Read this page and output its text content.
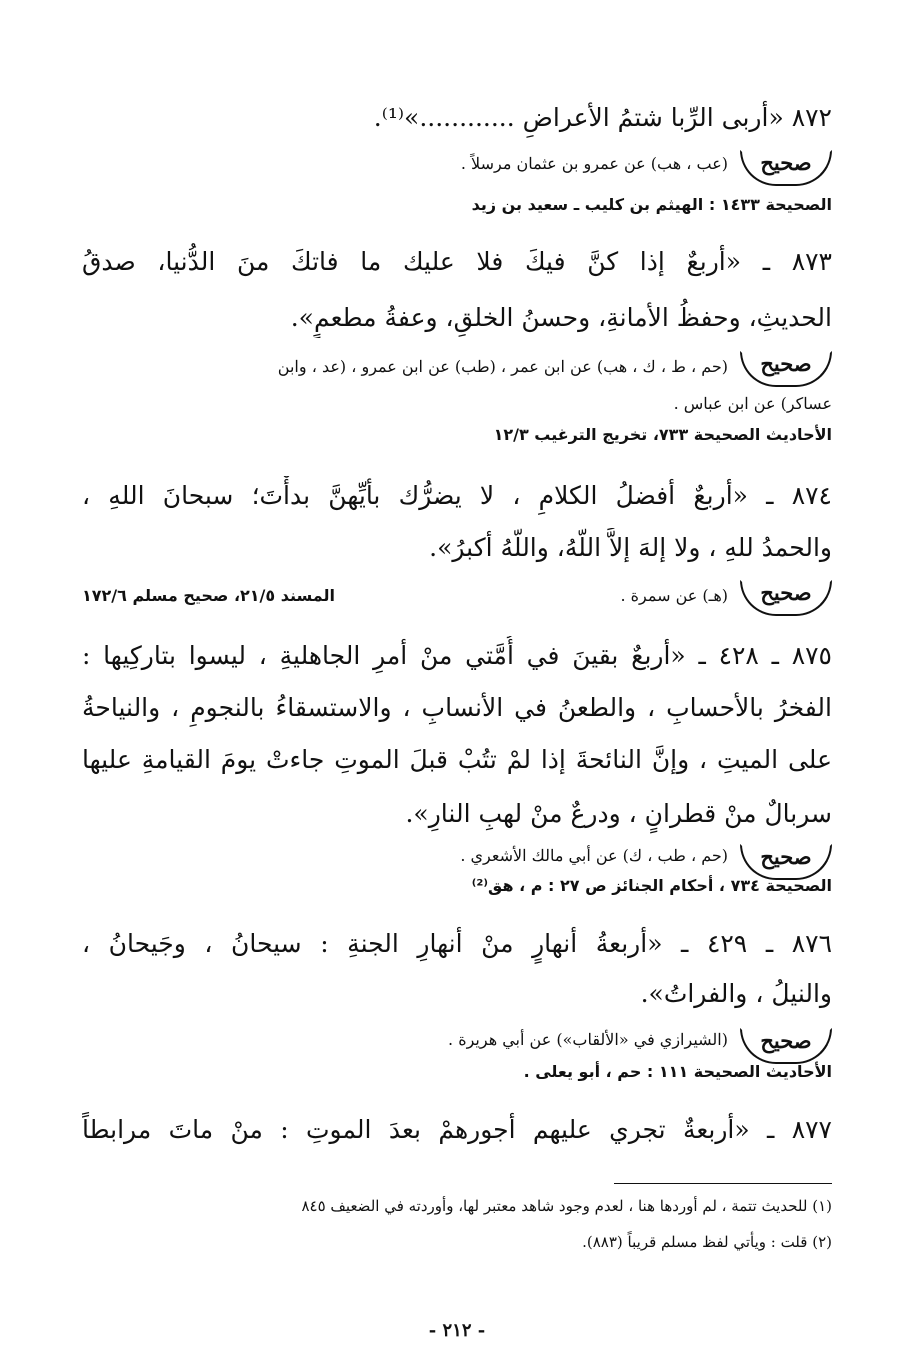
٨٧٢ «أربى الرِّبا شتمُ الأعراضِ ............»⁽¹⁾.
صحيح
(عب ، هب) عن عمرو بن عثمان مرسلاً .
الصحيحة ١٤٣٣ : الهيثم بن كليب ـ سعيد بن زيد
٨٧٣ ـ «أربعٌ إذا كنَّ فيكَ فلا عليك ما فاتكَ منَ الدُّنيا، صدقُ
الحديثِ، وحفظُ الأمانةِ، وحسنُ الخلقِ، وعفةُ مطعمٍ».
صحيح
(حم ، ط ، ك ، هب) عن ابن عمر ، (طب) عن ابن عمرو ، (عد ، وابن
عساكر) عن ابن عباس .
الأحاديث الصحيحة ٧٣٣، تخريج الترغيب ١٢/٣
٨٧٤ ـ «أربعٌ أفضلُ الكلامِ ، لا يضرُّك بأيِّهنَّ بدأْتَ؛ سبحانَ اللهِ ،
والحمدُ للهِ ، ولا إلهَ إلاَّ اللّهُ، واللّهُ أكبرُ».
صحيح
(هـ) عن سمرة .
المسند ٢١/٥، صحيح مسلم ١٧٢/٦
٨٧٥ ـ ٤٢٨ ـ «أربعٌ بقينَ في أُمَّتي منْ أمرِ الجاهليةِ ، ليسوا بتاركِيها :
الفخرُ بالأحسابِ ، والطعنُ في الأنسابِ ، والاستسقاءُ بالنجومِ ، والنياحةُ
على الميتِ ، وإنَّ النائحةَ إذا لمْ تتُبْ قبلَ الموتِ جاءتْ يومَ القيامةِ عليها
سربالٌ منْ قطرانٍ ، ودرعٌ منْ لهبِ النارِ».
صحيح
(حم ، طب ، ك) عن أبي مالك الأشعري .
الصحيحة ٧٣٤ ، أحكام الجنائز ص ٢٧ : م ، هق⁽²⁾
٨٧٦ ـ ٤٢٩ ـ «أربعةُ أنهارٍ منْ أنهارِ الجنةِ : سيحانُ ، وجَيحانُ ،
والنيلُ ، والفراتُ».
صحيح
(الشيرازي في «الألقاب») عن أبي هريرة .
الأحاديث الصحيحة ١١١ : حم ، أبو يعلى .
٨٧٧ ـ «أربعةٌ تجري عليهم أجورهمْ بعدَ الموتِ : منْ ماتَ مرابطاً
(١) للحديث تتمة ، لم أوردها هنا ، لعدم وجود شاهد معتبر لها، وأوردته في الضعيف ٨٤٥
(٢) قلت : ويأتي لفظ مسلم قريباً (٨٨٣).
- ٢١٢ -
